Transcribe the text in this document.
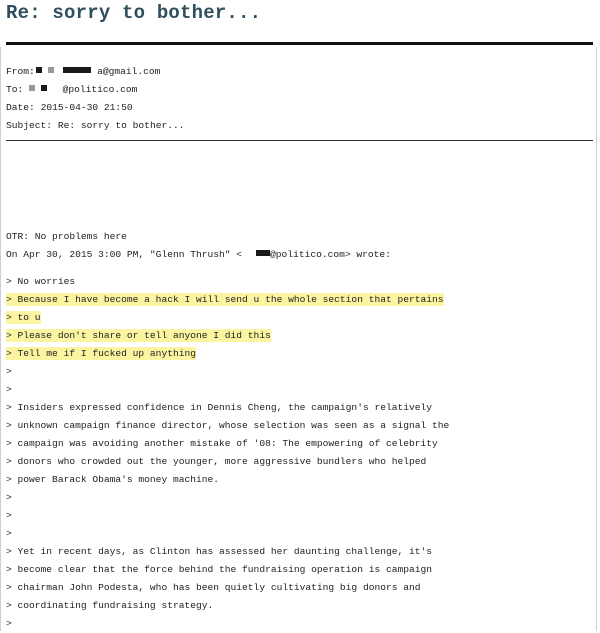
Re: sorry to bother...
From:	a@gmail.com
To:	@politico.com
Date: 2015-04-30 21:50
Subject: Re: sorry to bother...
OTR: No problems here
On Apr 30, 2015 3:00 PM, "Glenn Thrush" <	@politico.com> wrote:
> No worries
> Because I have become a hack I will send u the whole section that pertains
> to u
> Please don't share or tell anyone I did this
> Tell me if I fucked up anything
>
>
> Insiders expressed confidence in Dennis Cheng, the campaign's relatively
> unknown campaign finance director, whose selection was seen as a signal the
> campaign was avoiding another mistake of '08: The empowering of celebrity
> donors who crowded out the younger, more aggressive bundlers who helped
> power Barack Obama's money machine.
>
>
>
> Yet in recent days, as Clinton has assessed her daunting challenge, it's
> become clear that the force behind the fundraising operation is campaign
> chairman John Podesta, who has been quietly cultivating big donors and
> coordinating fundraising strategy.
>
